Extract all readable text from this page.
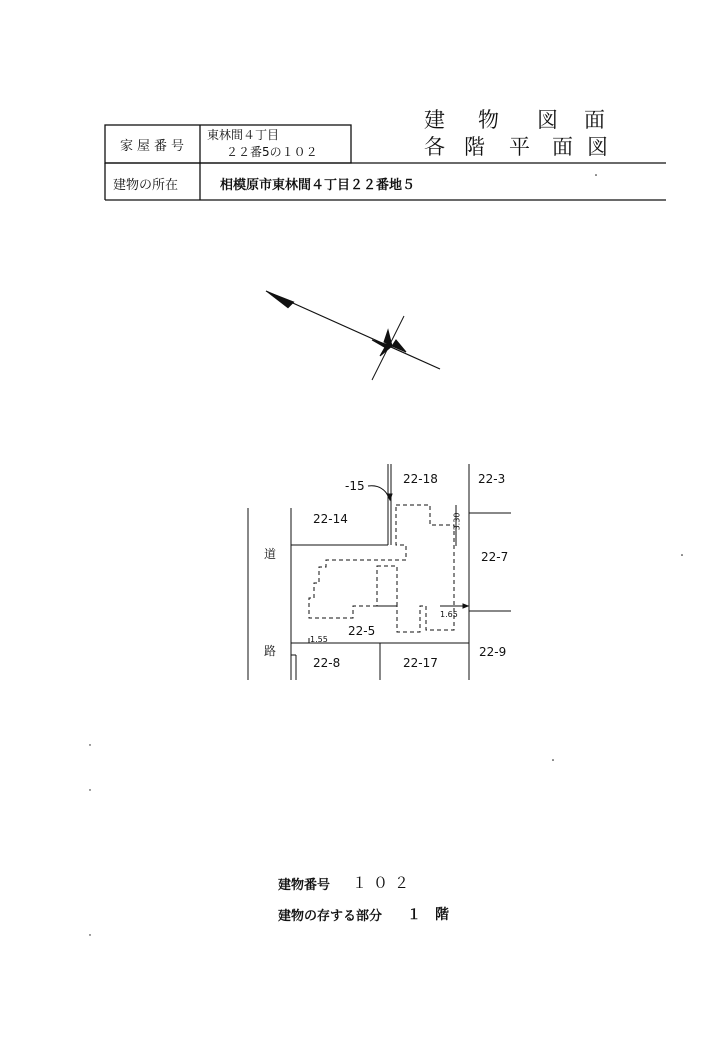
家屋番号
東林間４丁目
２２番5の１０２
建物の所在	相模原市東林間４丁目２２番地５
建 物 図 面
各 階 平 面 図
道
路
-15	22-18	22-3
22-14
22-7
22-5
22-8	22-17
22-9
3.30
1.65
1.55
建物番号 １０２
建物の存する部分 １　階
